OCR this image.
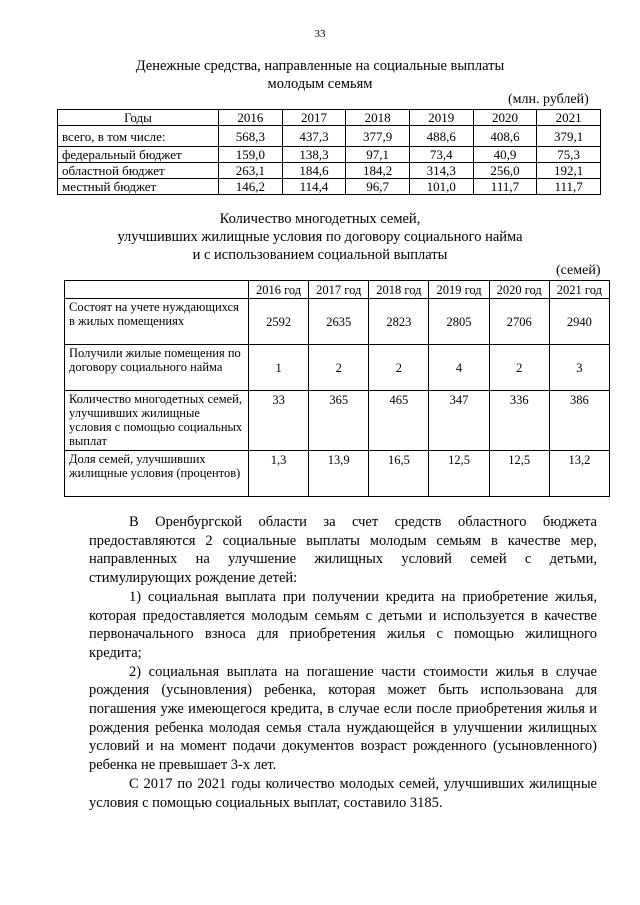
33
Денежные средства, направленные на социальные выплаты
молодым семьям
(млн. рублей)
Годы	2016	2017	2018	2019	2020	2021
всего, в том числе:	568,3	437,3	377,9	488,6	408,6	379,1
федеральный бюджет	159,0	138,3	97,1	73,4	40,9	75,3
областной бюджет	263,1	184,6	184,2	314,3	256,0	192,1
местный бюджет	146,2	114,4	96,7	101,0	111,7	111,7
Количество многодетных семей,
улучшивших жилищные условия по договору социального найма
и с использованием социальной выплаты
(семей)
	2016 год	2017 год	2018 год	2019 год	2020 год	2021 год
Состоят на учете нуждающихся в жилых помещениях	2592	2635	2823	2805	2706	2940
Получили жилые помещения по договору социального найма	1	2	2	4	2	3
Количество многодетных семей, улучшивших жилищные условия с помощью социальных выплат	33	365	465	347	336	386
Доля семей, улучшивших жилищные условия (процентов)	1,3	13,9	16,5	12,5	12,5	13,2

В Оренбургской области за счет средств областного бюджета предоставляются 2 социальные выплаты молодым семьям в качестве мер, направленных на улучшение жилищных условий семей с детьми, стимулирующих рождение детей:

1) социальная выплата при получении кредита на приобретение жилья, которая предоставляется молодым семьям с детьми и используется в качестве первоначального взноса для приобретения жилья с помощью жилищного кредита;

2) социальная выплата на погашение части стоимости жилья в случае рождения (усыновления) ребенка, которая может быть использована для погашения уже имеющегося кредита, в случае если после приобретения жилья и рождения ребенка молодая семья стала нуждающейся в улучшении жилищных условий и на момент подачи документов возраст рожденного (усыновленного) ребенка не превышает 3-х лет.

С 2017 по 2021 годы количество молодых семей, улучшивших жилищные условия с помощью социальных выплат, составило 3185.
